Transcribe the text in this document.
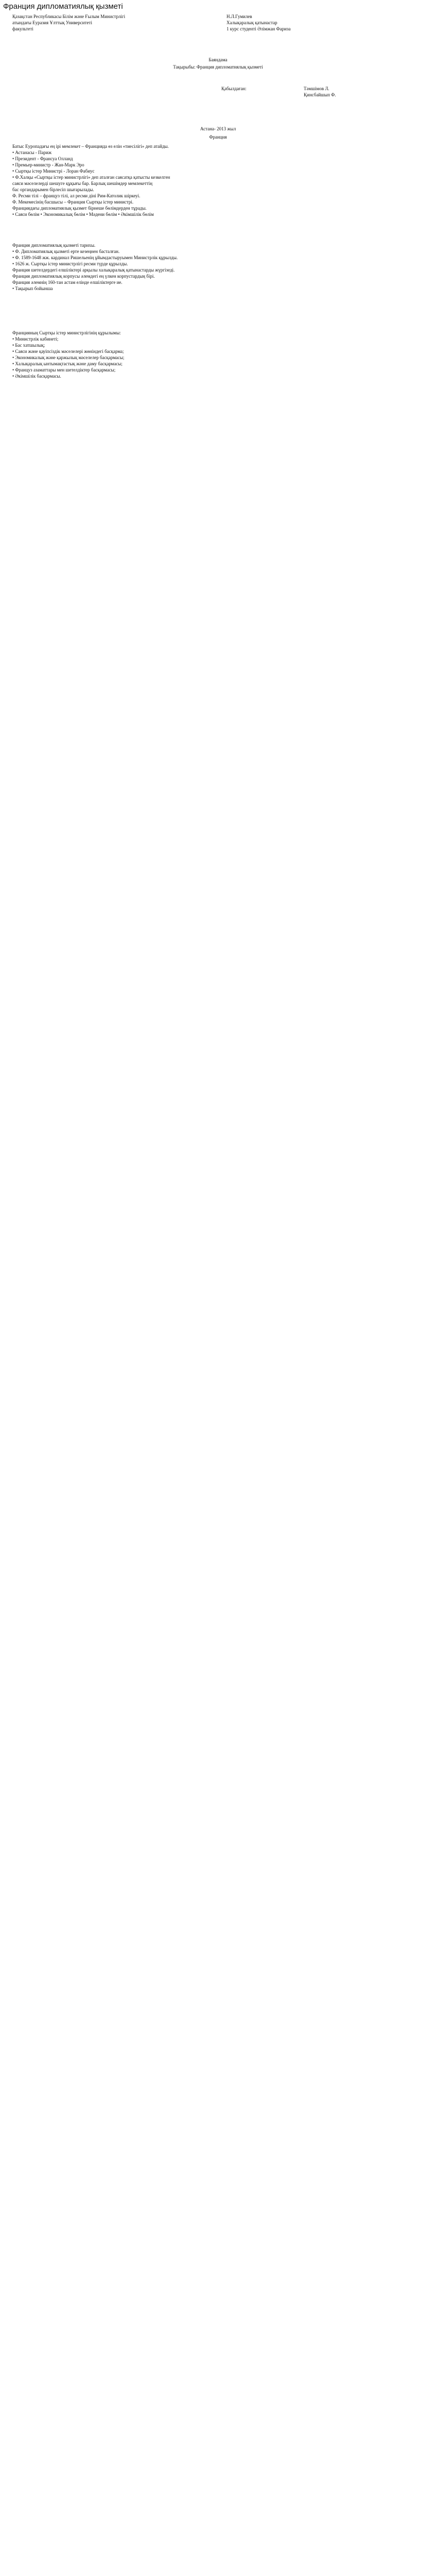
Франция дипломатиялық қызметі
Қазақстан Республикасы Білім және Ғылым Министрлігі
атындағы Еуразия Ұлттық Университеті
факультеті
Н.Л.Гумилев
Халықаралық қатынастар
1 курс студенті Әлімжан Фариза
Баяндама
Тақырыбы: Франция дипломатиялық қызметі
Қабылдаған:	Тәмшімов Л.
Қинсбайшып Ф.
Астана- 2013 жыл
Франция
Батыс Еуропадағы ең ірі мемлекет – Францияда өз елін «тиесілігі» деп атайды.
• Астанасы - Париж
• Президент - Франсуа Олланд
• Премьер-министр - Жан-Марк Эро
• Сыртқы істер Министрі - Лоран Фабиус
• Ф.Халқы «Сыртқы істер министрлігі» деп аталған саясатқа қатысты кезкелген
саяси мәселелерді шешуге құқығы бар. Барлық шешімдер мемлекеттің
бас органдарымен бірлесіп шығарылады.
Ф. Ресми тілі – француз тілі, ал ресми діні Рим-Католик шіркеуі.
Ф. Мекемесінің басшысы – Франция Сыртқы істер министрі.
Франциядағы дипломатиялық қызмет бірнеше бөлімдерден тұрады.
• Саяси бөлім • Экономикалық бөлім • Мәдени бөлім • Әкімшілік бөлім
Франция дипломатиялық қызметі тарихы.
• Ф. Дипломатиялық қызметі ерте кезеңнен басталған.
• Ф. 1589-1648 жж. кардинал Ришельенің ұйымдастыруымен Министрлік құрылды.
• 1626 ж. Сыртқы істер министрлігі ресми түрде құрылды.
Франция шетелдердегі елшіліктері арқылы халықаралық қатынастарды жүргізеді.
Франция дипломатиялық корпусы әлемдегі ең үлкен корпустардың бірі.
Франция әлемнің 160-тан астам елінде елшіліктерге ие.
• Тақырып бойынша
Францияның Сыртқы істер министрлігінің құрылымы:
• Министрлік кабинеті;
• Бас хатшылық;
• Саяси және қауіпсіздік мәселелері жөніндегі басқарма;
• Экономикалық және қаржылық мәселелер басқармасы;
• Халықаралық ынтымақтастық және даму басқармасы;
• Француз азаматтары мен шетелдіктер басқармасы;
• Әкімшілік басқармасы.
